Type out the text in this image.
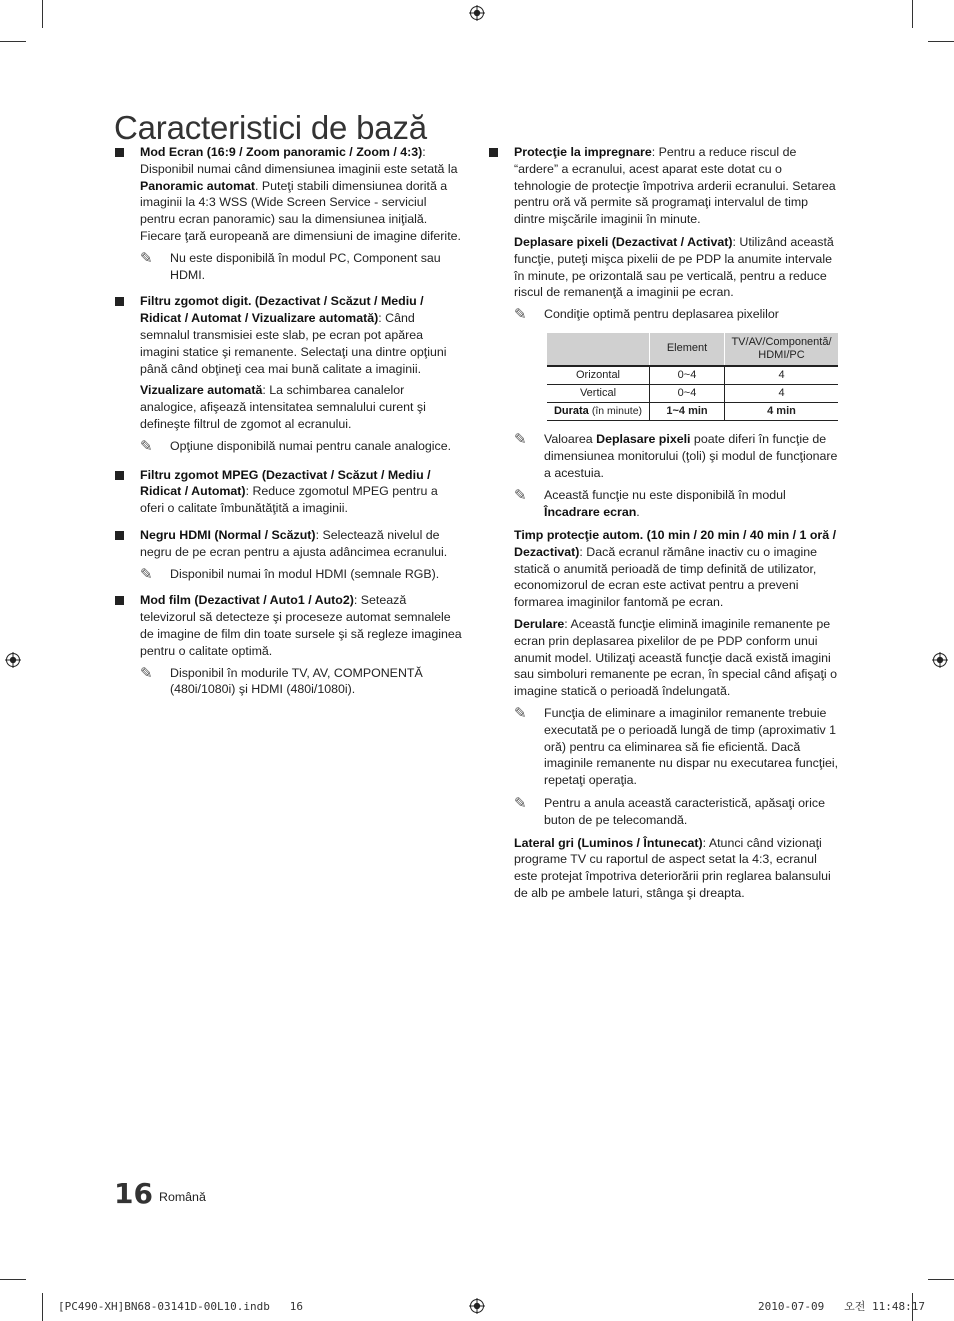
Caracteristici de bază
Mod Ecran (16:9 / Zoom panoramic / Zoom / 4:3): Disponibil numai când dimensiunea imaginii este setată la Panoramic automat. Puteţi stabili dimensiunea dorită a imaginii la 4:3 WSS (Wide Screen Service - serviciul pentru ecran panoramic) sau la dimensiunea iniţială. Fiecare ţară europeană are dimensiuni de imagine diferite.
✎ Nu este disponibilă în modul PC, Component sau HDMI.
Filtru zgomot digit. (Dezactivat / Scăzut / Mediu / Ridicat / Automat / Vizualizare automată): Când semnalul transmisiei este slab, pe ecran pot apărea imagini statice şi remanente. Selectaţi una dintre opţiuni până când obţineţi cea mai bună calitate a imaginii.
Vizualizare automată: La schimbarea canalelor analogice, afişează intensitatea semnalului curent şi defineşte filtrul de zgomot al ecranului.
✎ Opţiune disponibilă numai pentru canale analogice.
Filtru zgomot MPEG (Dezactivat / Scăzut / Mediu / Ridicat / Automat): Reduce zgomotul MPEG pentru a oferi o calitate îmbunătăţită a imaginii.
Negru HDMI (Normal / Scăzut): Selectează nivelul de negru de pe ecran pentru a ajusta adâncimea ecranului.
✎ Disponibil numai în modul HDMI (semnale RGB).
Mod film (Dezactivat / Auto1 / Auto2): Setează televizorul să detecteze şi proceseze automat semnalele de imagine de film din toate sursele şi să regleze imaginea pentru o calitate optimă.
✎ Disponibil în modurile TV, AV, COMPONENTĂ (480i/1080i) şi HDMI (480i/1080i).
Protecţie la impregnare: Pentru a reduce riscul de “ardere” a ecranului, acest aparat este dotat cu o tehnologie de protecţie împotriva arderii ecranului. Setarea pentru oră vă permite să programaţi intervalul de timp dintre mişcările imaginii în minute.
Deplasare pixeli (Dezactivat / Activat): Utilizând această funcţie, puteţi mişca pixelii de pe PDP la anumite intervale în minute, pe orizontală sau pe verticală, pentru a reduce riscul de remanenţă a imaginii pe ecran.
✎ Condiţie optimă pentru deplasarea pixelilor
	Element	TV/AV/Componentă/ HDMI/PC
Orizontal	0~4	4
Vertical	0~4	4
Durata (în minute)	1~4 min	4 min
✎ Valoarea Deplasare pixeli poate diferi în funcţie de dimensiunea monitorului (ţoli) şi modul de funcţionare a acestuia.
✎ Această funcţie nu este disponibilă în modul Încadrare ecran.
Timp protecţie autom. (10 min / 20 min / 40 min / 1 oră / Dezactivat): Dacă ecranul rămâne inactiv cu o imagine statică o anumită perioadă de timp definită de utilizator, economizorul de ecran este activat pentru a preveni formarea imaginilor fantomă pe ecran.
Derulare: Această funcţie elimină imaginile remanente pe ecran prin deplasarea pixelilor de pe PDP conform unui anumit model. Utilizaţi această funcţie dacă există imagini sau simboluri remanente pe ecran, în special când afişaţi o imagine statică o perioadă îndelungată.
✎ Funcţia de eliminare a imaginilor remanente trebuie executată pe o perioadă lungă de timp (aproximativ 1 oră) pentru ca eliminarea să fie eficientă. Dacă imaginile remanente nu dispar nu executarea funcţiei, repetaţi operaţia.
✎ Pentru a anula această caracteristică, apăsaţi orice buton de pe telecomandă.
Lateral gri (Luminos / Întunecat): Atunci când vizionaţi programe TV cu raportul de aspect setat la 4:3, ecranul este protejat împotriva deteriorării prin reglarea balansului de alb pe ambele laturi, stânga şi dreapta.
16 Română
[PC490-XH]BN68-03141D-00L10.indb   16	2010-07-09   오전 11:48:17
